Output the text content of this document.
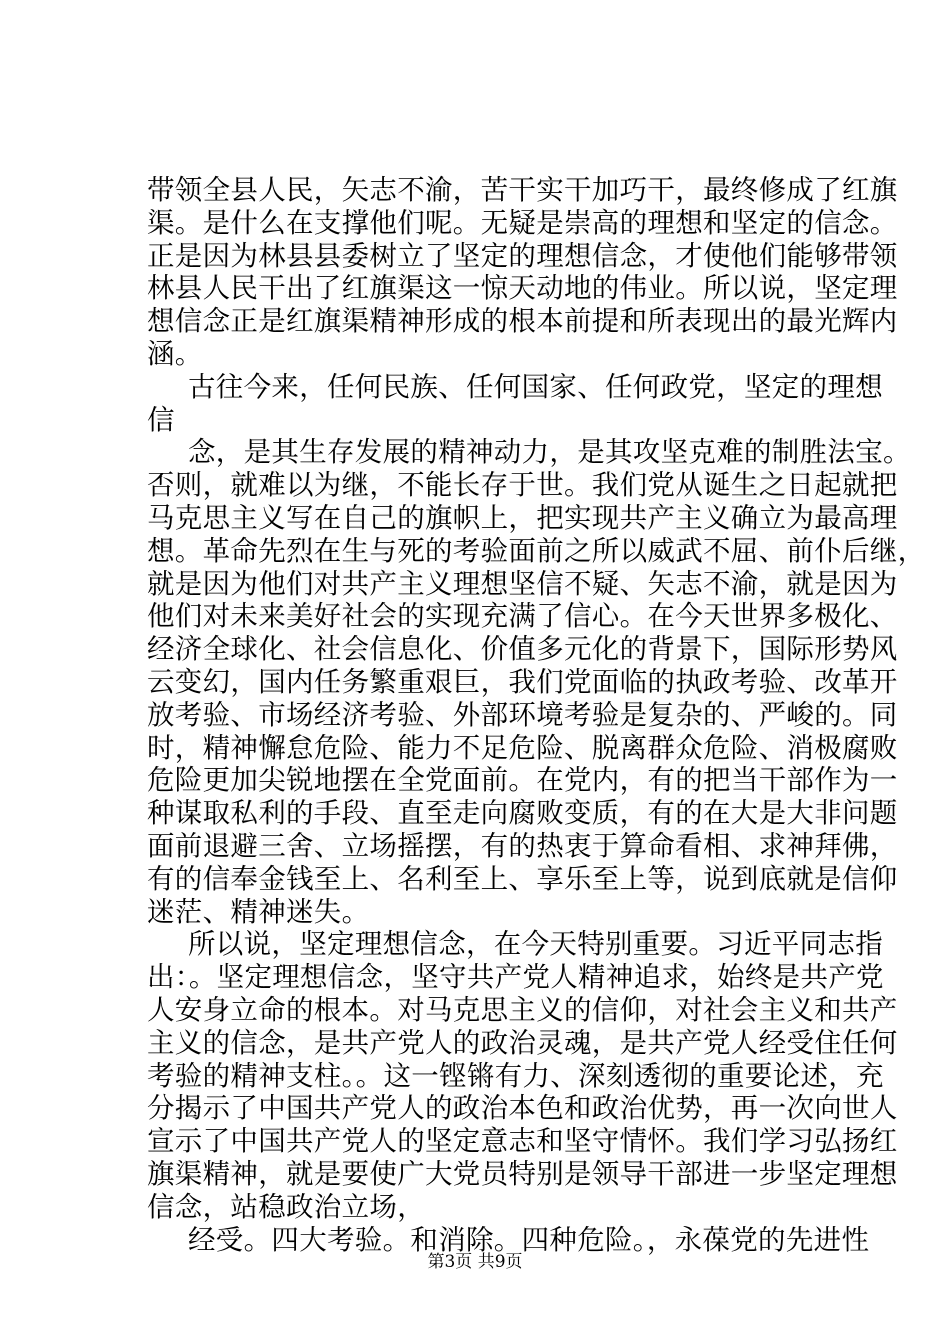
带领全县人民，矢志不渝，苦干实干加巧干，最终修成了红旗
渠。是什么在支撑他们呢。无疑是崇高的理想和坚定的信念。
正是因为林县县委树立了坚定的理想信念，才使他们能够带领
林县人民干出了红旗渠这一惊天动地的伟业。所以说，坚定理
想信念正是红旗渠精神形成的根本前提和所表现出的最光辉内
涵。
古往今来，任何民族、任何国家、任何政党，坚定的理想
信
念，是其生存发展的精神动力，是其攻坚克难的制胜法宝。
否则，就难以为继，不能长存于世。我们党从诞生之日起就把
马克思主义写在自己的旗帜上，把实现共产主义确立为最高理
想。革命先烈在生与死的考验面前之所以威武不屈、前仆后继，
就是因为他们对共产主义理想坚信不疑、矢志不渝，就是因为
他们对未来美好社会的实现充满了信心。在今天世界多极化、
经济全球化、社会信息化、价值多元化的背景下，国际形势风
云变幻，国内任务繁重艰巨，我们党面临的执政考验、改革开
放考验、市场经济考验、外部环境考验是复杂的、严峻的。同
时，精神懈怠危险、能力不足危险、脱离群众危险、消极腐败
危险更加尖锐地摆在全党面前。在党内，有的把当干部作为一
种谋取私利的手段、直至走向腐败变质，有的在大是大非问题
面前退避三舍、立场摇摆，有的热衷于算命看相、求神拜佛，
有的信奉金钱至上、名利至上、享乐至上等，说到底就是信仰
迷茫、精神迷失。
所以说，坚定理想信念，在今天特别重要。习近平同志指
出：。坚定理想信念，坚守共产党人精神追求，始终是共产党
人安身立命的根本。对马克思主义的信仰，对社会主义和共产
主义的信念，是共产党人的政治灵魂，是共产党人经受住任何
考验的精神支柱。。这一铿锵有力、深刻透彻的重要论述，充
分揭示了中国共产党人的政治本色和政治优势，再一次向世人
宣示了中国共产党人的坚定意志和坚守情怀。我们学习弘扬红
旗渠精神，就是要使广大党员特别是领导干部进一步坚定理想
信念，站稳政治立场，
经受。四大考验。和消除。四种危险。，永葆党的先进性
第3页 共9页
